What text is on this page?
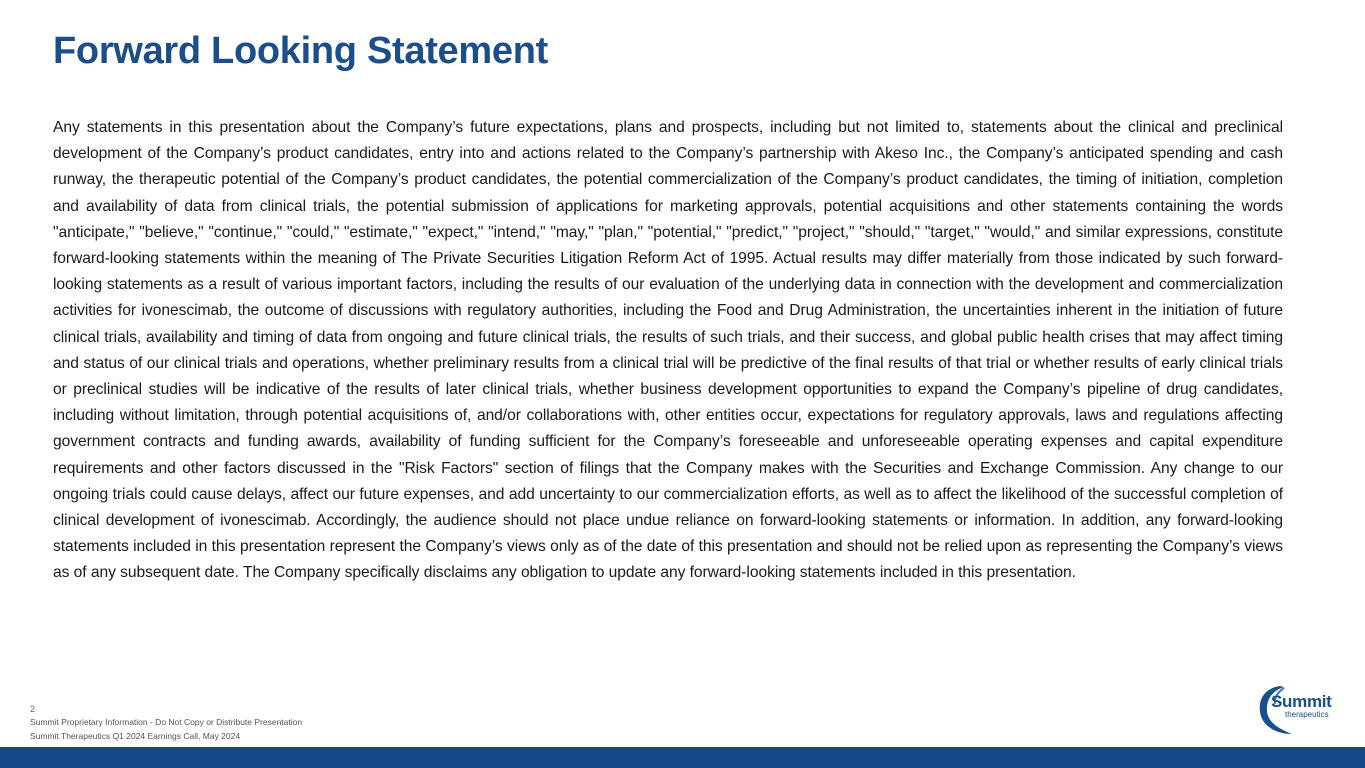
Forward Looking Statement

Any statements in this presentation about the Company’s future expectations, plans and prospects, including but not limited to, statements about the clinical and preclinical development of the Company’s product candidates, entry into and actions related to the Company’s partnership with Akeso Inc., the Company’s anticipated spending and cash runway, the therapeutic potential of the Company’s product candidates, the potential commercialization of the Company’s product candidates, the timing of initiation, completion and availability of data from clinical trials, the potential submission of applications for marketing approvals, potential acquisitions and other statements containing the words "anticipate," "believe," "continue," "could," "estimate," "expect," "intend," "may," "plan," "potential," "predict," "project," "should," "target," "would," and similar expressions, constitute forward-looking statements within the meaning of The Private Securities Litigation Reform Act of 1995. Actual results may differ materially from those indicated by such forward-looking statements as a result of various important factors, including the results of our evaluation of the underlying data in connection with the development and commercialization activities for ivonescimab, the outcome of discussions with regulatory authorities, including the Food and Drug Administration, the uncertainties inherent in the initiation of future clinical trials, availability and timing of data from ongoing and future clinical trials, the results of such trials, and their success, and global public health crises that may affect timing and status of our clinical trials and operations, whether preliminary results from a clinical trial will be predictive of the final results of that trial or whether results of early clinical trials or preclinical studies will be indicative of the results of later clinical trials, whether business development opportunities to expand the Company’s pipeline of drug candidates, including without limitation, through potential acquisitions of, and/or collaborations with, other entities occur, expectations for regulatory approvals, laws and regulations affecting government contracts and funding awards, availability of funding sufficient for the Company’s foreseeable and unforeseeable operating expenses and capital expenditure requirements and other factors discussed in the "Risk Factors" section of filings that the Company makes with the Securities and Exchange Commission. Any change to our ongoing trials could cause delays, affect our future expenses, and add uncertainty to our commercialization efforts, as well as to affect the likelihood of the successful completion of clinical development of ivonescimab. Accordingly, the audience should not place undue reliance on forward-looking statements or information. In addition, any forward-looking statements included in this presentation represent the Company’s views only as of the date of this presentation and should not be relied upon as representing the Company’s views as of any subsequent date. The Company specifically disclaims any obligation to update any forward-looking statements included in this presentation.

2
Summit Proprietary Information - Do Not Copy or Distribute Presentation
Summit Therapeutics Q1 2024 Earnings Call, May 2024
Summit
therapeutics
